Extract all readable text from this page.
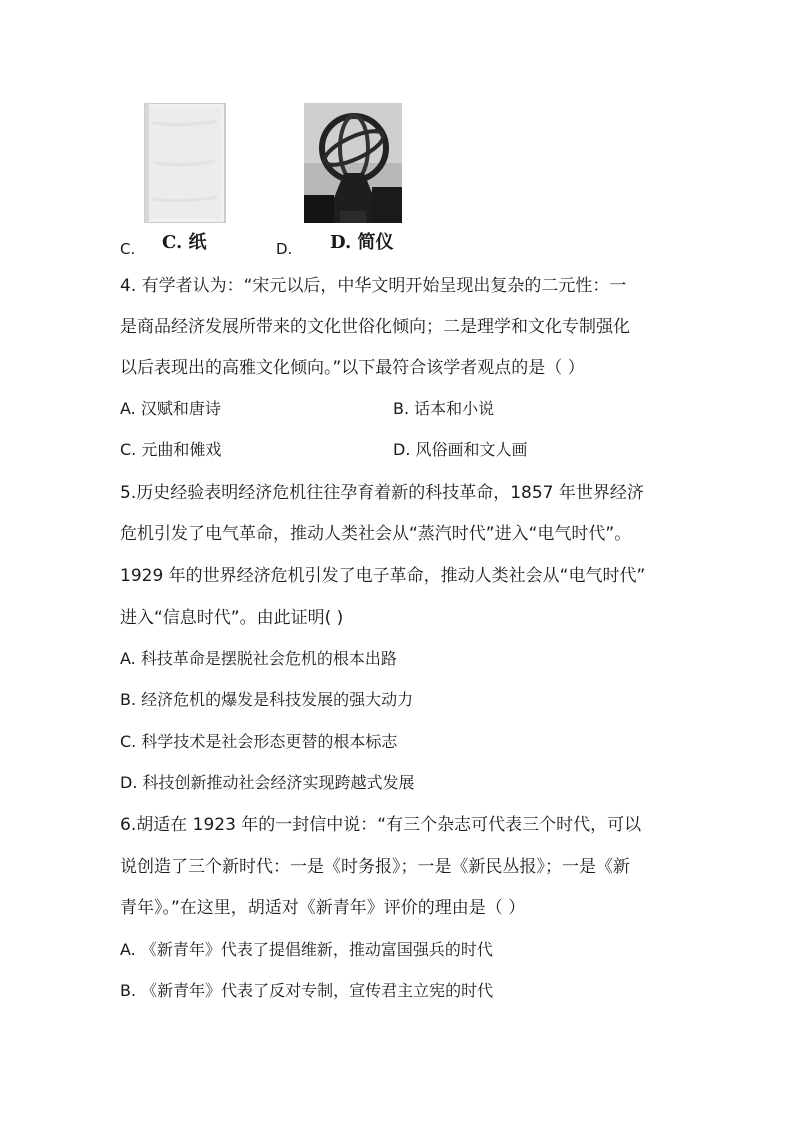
C. C. 纸	D. D. 简仪
4. 有学者认为：“宋元以后，中华文明开始呈现出复杂的二元性：一
是商品经济发展所带来的文化世俗化倾向；二是理学和文化专制强化
以后表现出的高雅文化倾向。”以下最符合该学者观点的是（ ）
A. 汉赋和唐诗	B. 话本和小说
C. 元曲和傩戏	D. 风俗画和文人画
5.历史经验表明经济危机往往孕育着新的科技革命，1857 年世界经济
危机引发了电气革命，推动人类社会从“蒸汽时代”进入“电气时代”。
1929 年的世界经济危机引发了电子革命，推动人类社会从“电气时代”
进入“信息时代”。由此证明( )
A. 科技革命是摆脱社会危机的根本出路
B. 经济危机的爆发是科技发展的强大动力
C. 科学技术是社会形态更替的根本标志
D. 科技创新推动社会经济实现跨越式发展
6.胡适在 1923 年的一封信中说：“有三个杂志可代表三个时代，可以
说创造了三个新时代：一是《时务报》；一是《新民丛报》；一是《新
青年》。”在这里，胡适对《新青年》评价的理由是（ ）
A. 《新青年》代表了提倡维新，推动富国强兵的时代
B. 《新青年》代表了反对专制，宣传君主立宪的时代
